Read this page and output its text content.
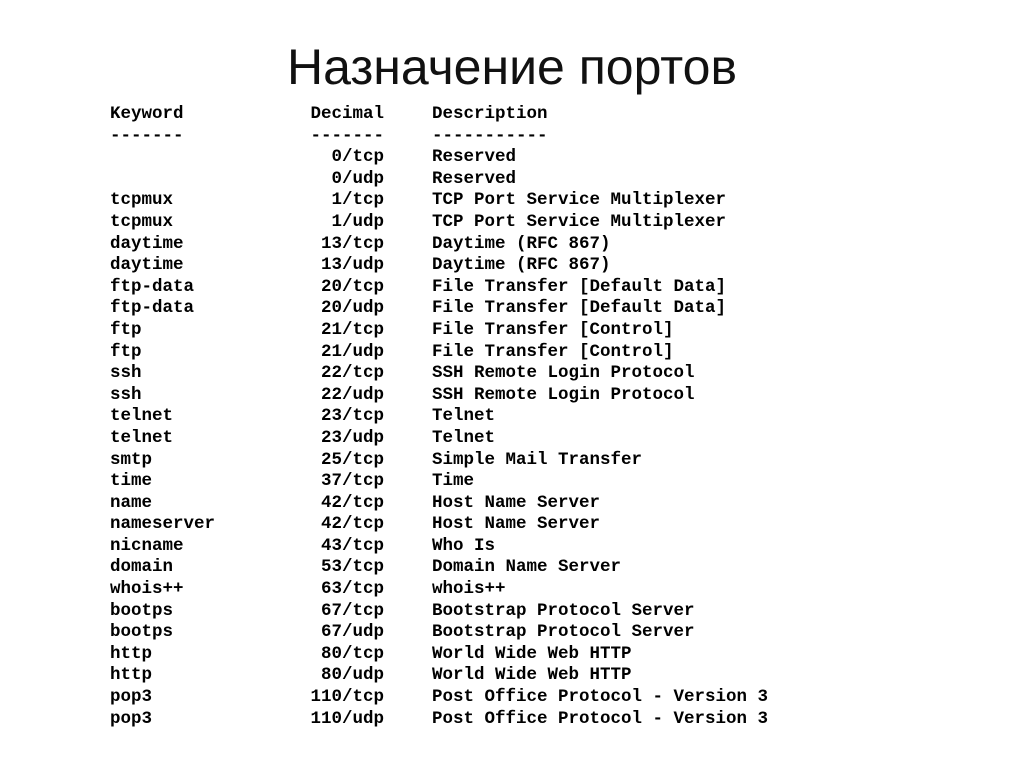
Назначение портов
Keyword	Decimal		Description
-------	-------		-----------
	0/tcp		Reserved
	0/udp		Reserved
tcpmux	1/tcp		TCP Port Service Multiplexer
tcpmux	1/udp		TCP Port Service Multiplexer
daytime	13/tcp		Daytime (RFC 867)
daytime	13/udp		Daytime (RFC 867)
ftp-data	20/tcp		File Transfer [Default Data]
ftp-data	20/udp		File Transfer [Default Data]
ftp	21/tcp		File Transfer [Control]
ftp	21/udp		File Transfer [Control]
ssh	22/tcp		SSH Remote Login Protocol
ssh	22/udp		SSH Remote Login Protocol
telnet	23/tcp		Telnet
telnet	23/udp		Telnet
smtp	25/tcp		Simple Mail Transfer
time	37/tcp		Time
name	42/tcp		Host Name Server
nameserver	42/tcp		Host Name Server
nicname	43/tcp		Who Is
domain	53/tcp		Domain Name Server
whois++	63/tcp		whois++
bootps	67/tcp		Bootstrap Protocol Server
bootps	67/udp		Bootstrap Protocol Server
http	80/tcp		World Wide Web HTTP
http	80/udp		World Wide Web HTTP
pop3	110/tcp		Post Office Protocol - Version 3
pop3	110/udp		Post Office Protocol - Version 3
